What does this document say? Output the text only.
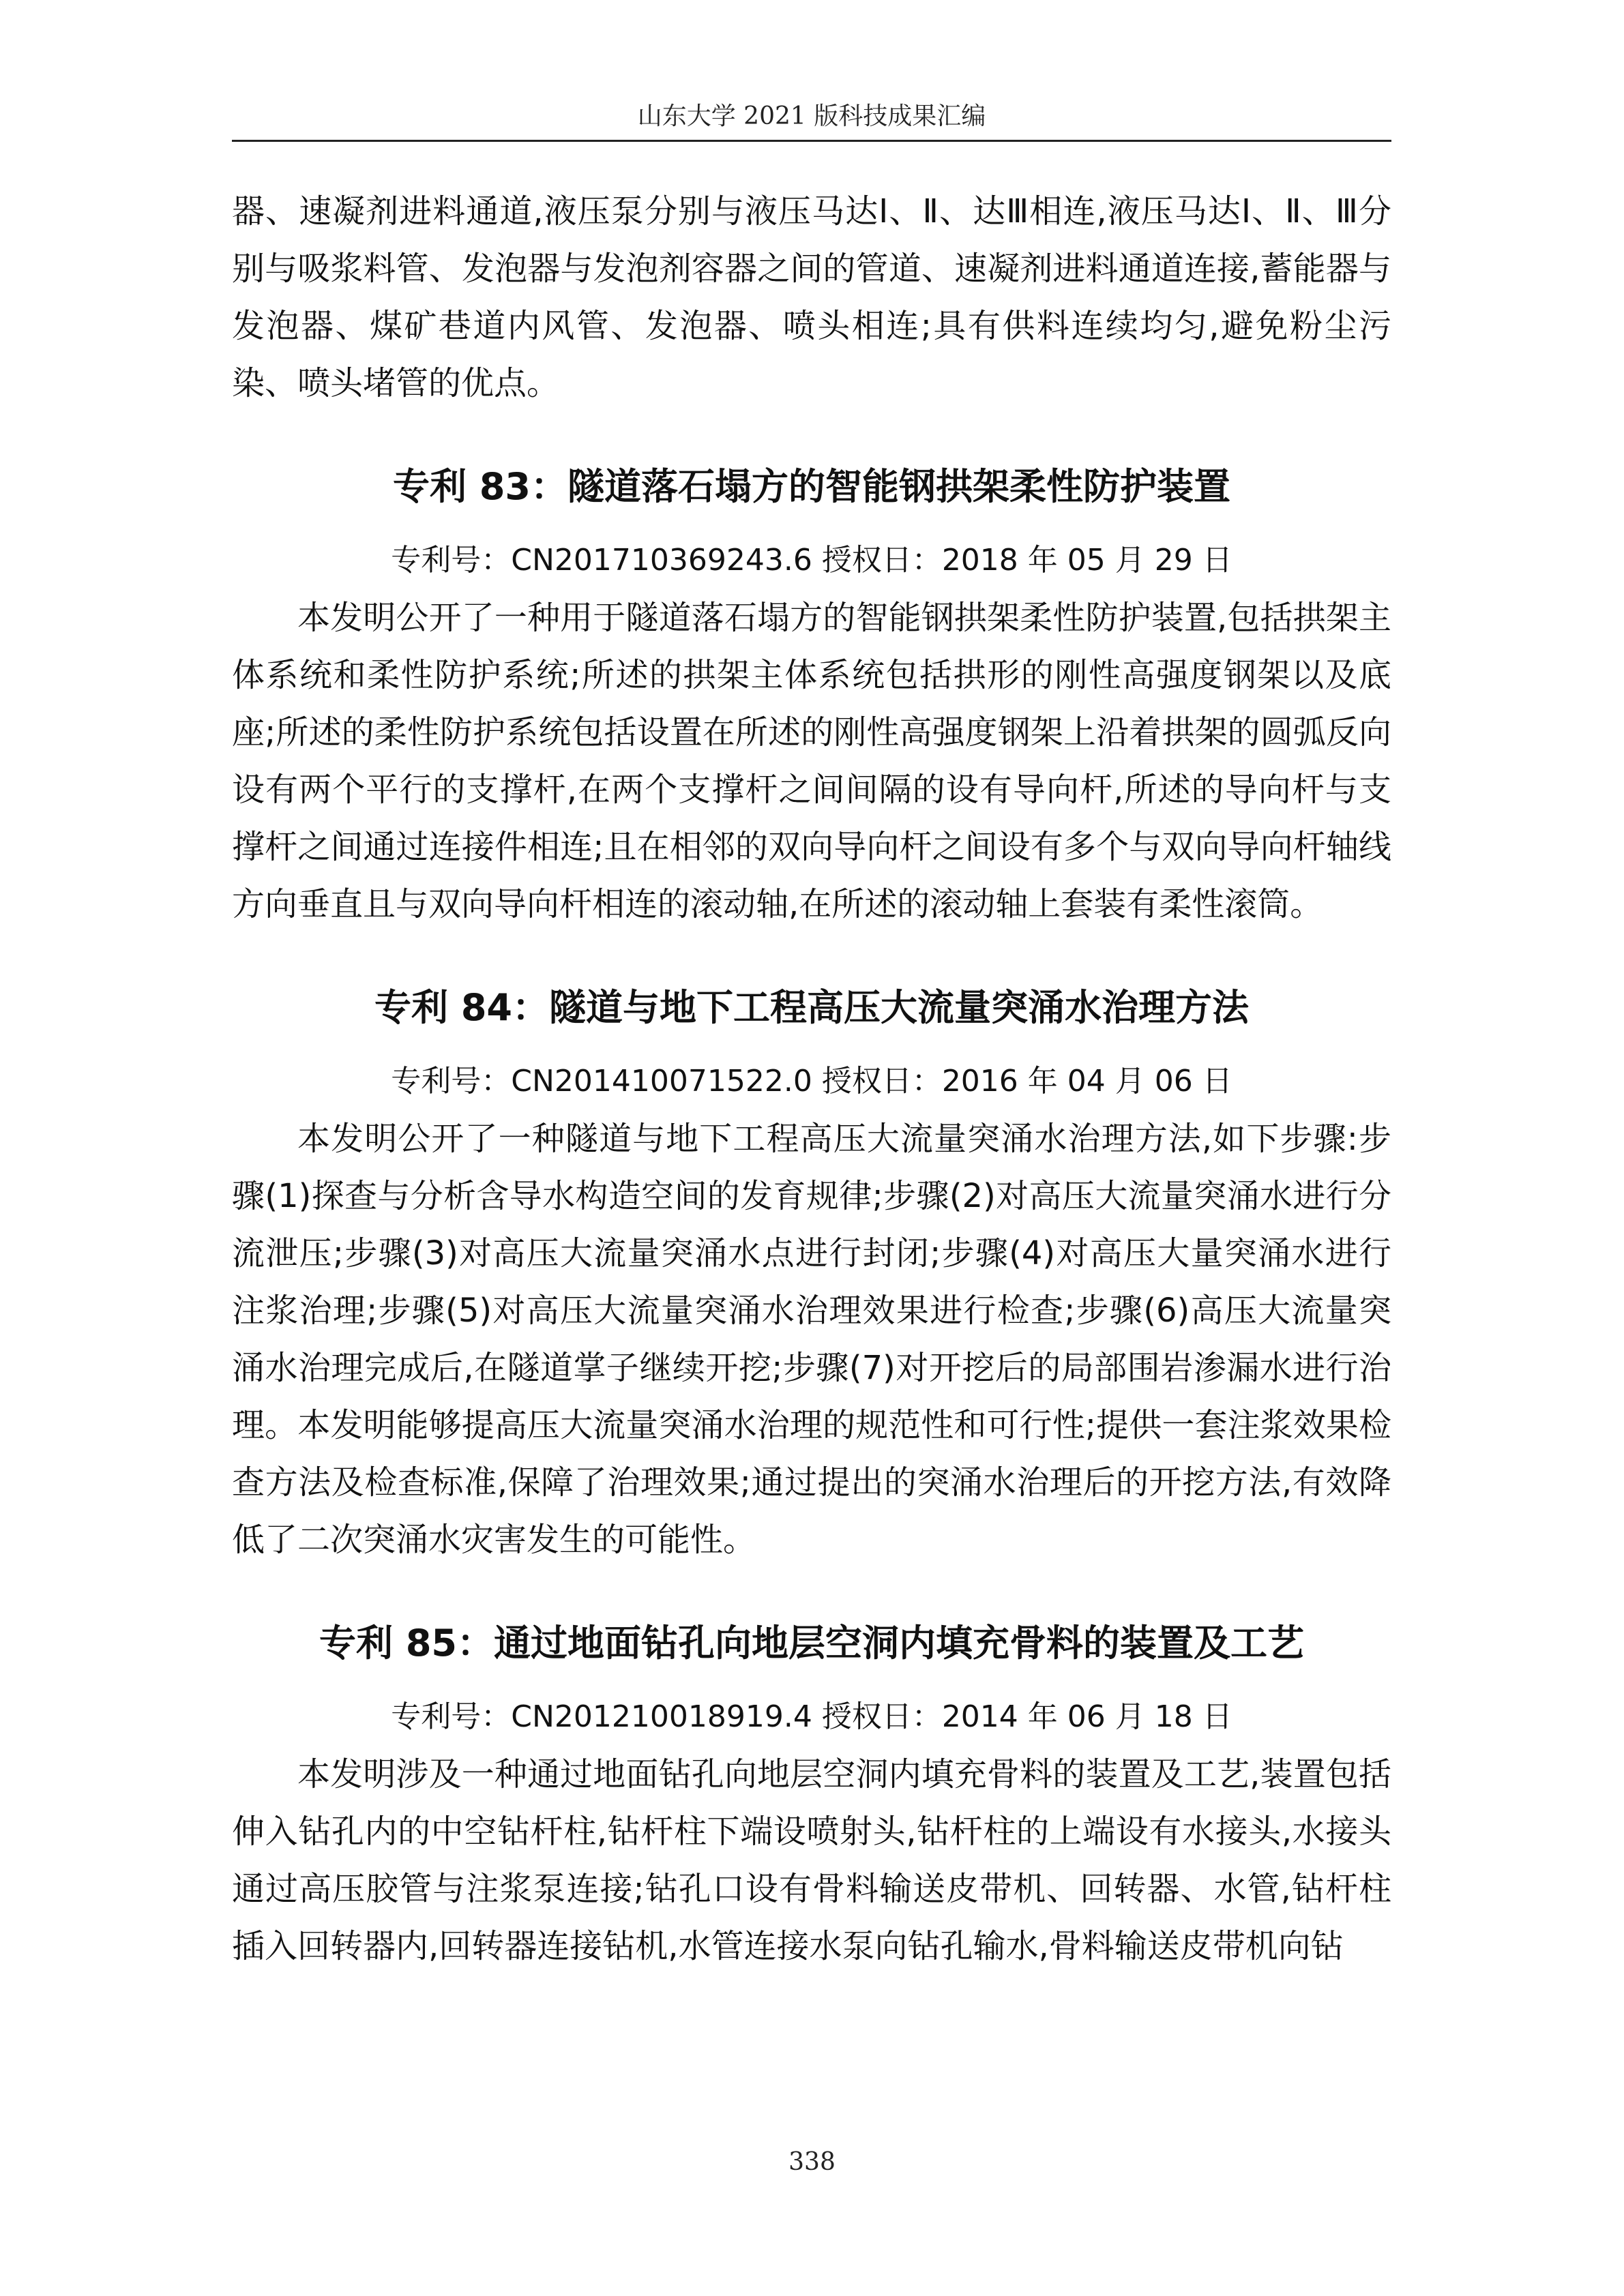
山东大学 2021 版科技成果汇编

器、速凝剂进料通道,液压泵分别与液压马达Ⅰ、Ⅱ、达Ⅲ相连,液压马达Ⅰ、Ⅱ、Ⅲ分别与吸浆料管、发泡器与发泡剂容器之间的管道、速凝剂进料通道连接,蓄能器与发泡器、煤矿巷道内风管、发泡器、喷头相连;具有供料连续均匀,避免粉尘污染、喷头堵管的优点。

专利 83：隧道落石塌方的智能钢拱架柔性防护装置

专利号：CN201710369243.6 授权日：2018 年 05 月 29 日

本发明公开了一种用于隧道落石塌方的智能钢拱架柔性防护装置,包括拱架主体系统和柔性防护系统;所述的拱架主体系统包括拱形的刚性高强度钢架以及底座;所述的柔性防护系统包括设置在所述的刚性高强度钢架上沿着拱架的圆弧反向设有两个平行的支撑杆,在两个支撑杆之间间隔的设有导向杆,所述的导向杆与支撑杆之间通过连接件相连;且在相邻的双向导向杆之间设有多个与双向导向杆轴线方向垂直且与双向导向杆相连的滚动轴,在所述的滚动轴上套装有柔性滚筒。

专利 84：隧道与地下工程高压大流量突涌水治理方法

专利号：CN201410071522.0 授权日：2016 年 04 月 06 日

本发明公开了一种隧道与地下工程高压大流量突涌水治理方法,如下步骤:步骤(1)探查与分析含导水构造空间的发育规律;步骤(2)对高压大流量突涌水进行分流泄压;步骤(3)对高压大流量突涌水点进行封闭;步骤(4)对高压大量突涌水进行注浆治理;步骤(5)对高压大流量突涌水治理效果进行检查;步骤(6)高压大流量突涌水治理完成后,在隧道掌子继续开挖;步骤(7)对开挖后的局部围岩渗漏水进行治理。本发明能够提高压大流量突涌水治理的规范性和可行性;提供一套注浆效果检查方法及检查标准,保障了治理效果;通过提出的突涌水治理后的开挖方法,有效降低了二次突涌水灾害发生的可能性。

专利 85：通过地面钻孔向地层空洞内填充骨料的装置及工艺

专利号：CN201210018919.4 授权日：2014 年 06 月 18 日

本发明涉及一种通过地面钻孔向地层空洞内填充骨料的装置及工艺,装置包括伸入钻孔内的中空钻杆柱,钻杆柱下端设喷射头,钻杆柱的上端设有水接头,水接头通过高压胶管与注浆泵连接;钻孔口设有骨料输送皮带机、回转器、水管,钻杆柱插入回转器内,回转器连接钻机,水管连接水泵向钻孔输水,骨料输送皮带机向钻

338
